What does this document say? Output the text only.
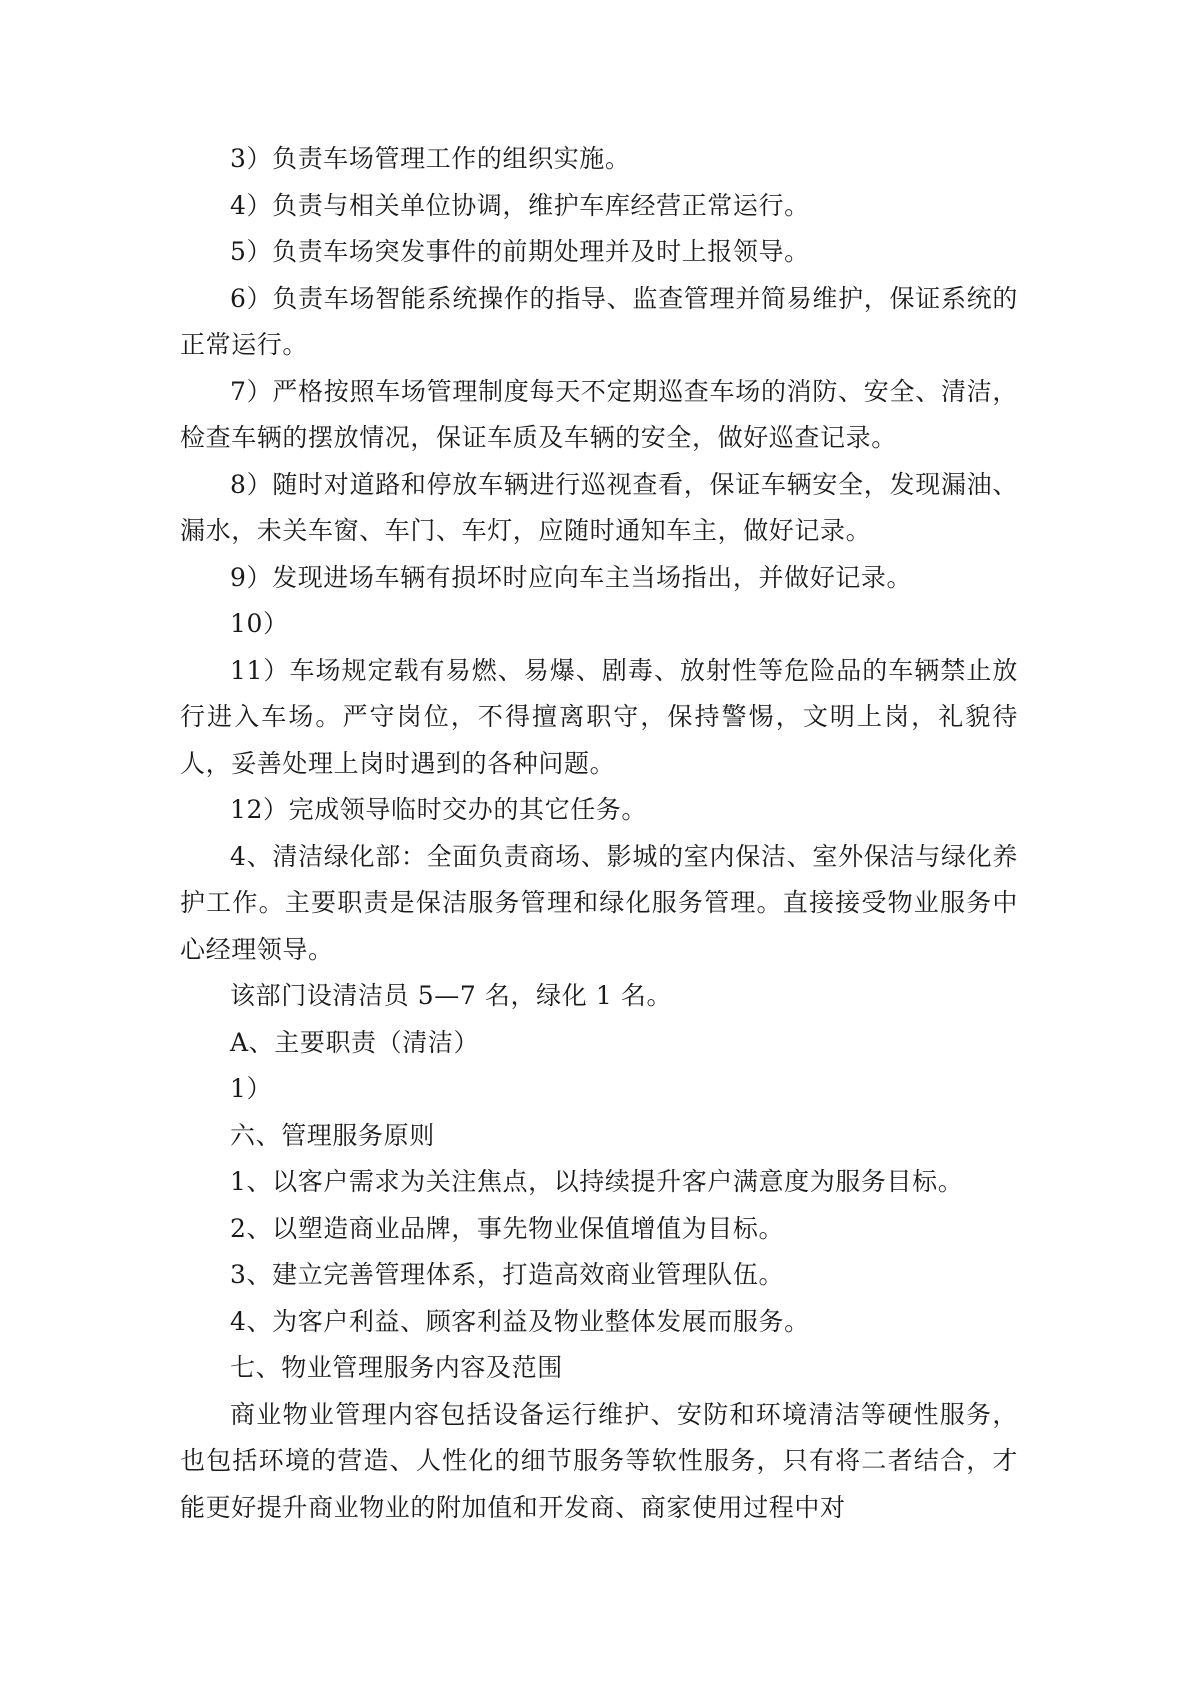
3）负责车场管理工作的组织实施。

4）负责与相关单位协调，维护车库经营正常运行。

5）负责车场突发事件的前期处理并及时上报领导。

6）负责车场智能系统操作的指导、监查管理并简易维护，保证系统的正常运行。

7）严格按照车场管理制度每天不定期巡查车场的消防、安全、清洁，检查车辆的摆放情况，保证车质及车辆的安全，做好巡查记录。

8）随时对道路和停放车辆进行巡视查看，保证车辆安全，发现漏油、漏水，未关车窗、车门、车灯，应随时通知车主，做好记录。

9）发现进场车辆有损坏时应向车主当场指出，并做好记录。

10）

11）车场规定载有易燃、易爆、剧毒、放射性等危险品的车辆禁止放行进入车场。严守岗位，不得擅离职守，保持警惕，文明上岗，礼貌待人，妥善处理上岗时遇到的各种问题。

12）完成领导临时交办的其它任务。

4、清洁绿化部：全面负责商场、影城的室内保洁、室外保洁与绿化养护工作。主要职责是保洁服务管理和绿化服务管理。直接接受物业服务中心经理领导。

该部门设清洁员 5—7 名，绿化 1 名。

A、主要职责（清洁）

1）

六、管理服务原则

1、以客户需求为关注焦点，以持续提升客户满意度为服务目标。

2、以塑造商业品牌，事先物业保值增值为目标。

3、建立完善管理体系，打造高效商业管理队伍。

4、为客户利益、顾客利益及物业整体发展而服务。

七、物业管理服务内容及范围

商业物业管理内容包括设备运行维护、安防和环境清洁等硬性服务，也包括环境的营造、人性化的细节服务等软性服务，只有将二者结合，才能更好提升商业物业的附加值和开发商、商家使用过程中对
